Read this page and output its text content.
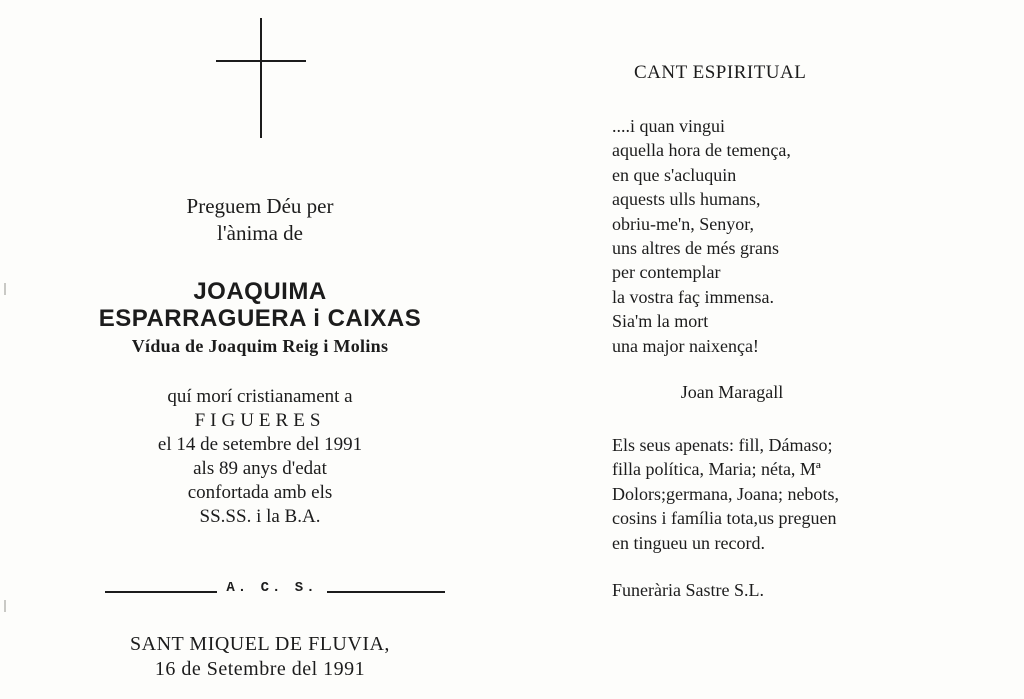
Preguem Déu per
l'ànima de
JOAQUIMA
ESPARRAGUERA i CAIXAS
Vídua de Joaquim Reig i Molins
quí morí cristianament a
FIGUERES
el 14 de setembre del 1991
als 89 anys d'edat
confortada amb els
SS.SS. i la B.A.
A. C. S.
SANT MIQUEL DE FLUVIA,
16 de Setembre del 1991
CANT ESPIRITUAL
....i quan vingui
aquella hora de temença,
en que s'acluquin
aquests ulls humans,
obriu-me'n, Senyor,
uns altres de més grans
per contemplar
la vostra faç immensa.
Sia'm la mort
una major naixença!
Joan Maragall
Els seus apenats: fill, Dámaso;
filla política, Maria; néta, Mª
Dolors;germana, Joana; nebots,
cosins i família tota,us preguen
en tingueu un record.
Funerària Sastre S.L.
